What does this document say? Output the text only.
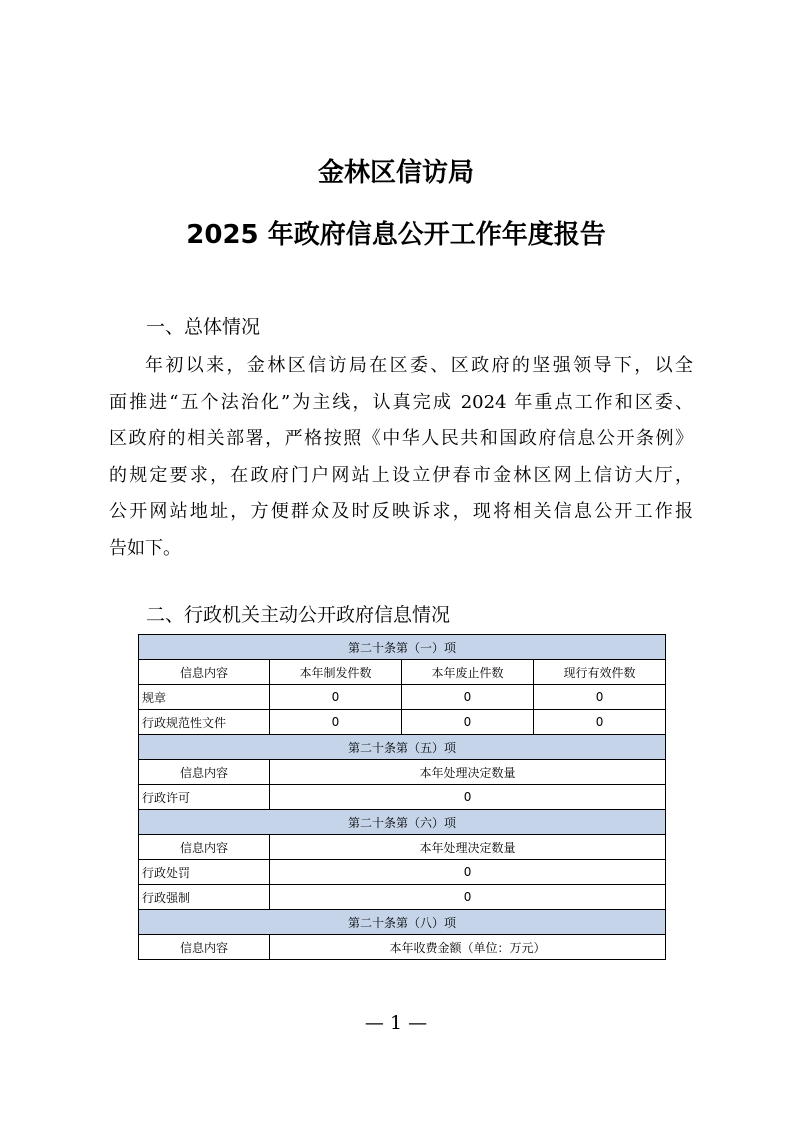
金林区信访局
2025 年政府信息公开工作年度报告
一、总体情况
年初以来，金林区信访局在区委、区政府的坚强领导下，以全
面推进“五个法治化”为主线，认真完成 2024 年重点工作和区委、
区政府的相关部署，严格按照《中华人民共和国政府信息公开条例》
的规定要求，在政府门户网站上设立伊春市金林区网上信访大厅，
公开网站地址，方便群众及时反映诉求，现将相关信息公开工作报
告如下。
二、行政机关主动公开政府信息情况
第二十条第（一）项			
信息内容	本年制发件数	本年废止件数	现行有效件数
规章	0	0	0
行政规范性文件	0	0	0
第二十条第（五）项			
信息内容	本年处理决定数量		
行政许可	0		
第二十条第（六）项			
信息内容	本年处理决定数量		
行政处罚	0		
行政强制	0		
第二十条第（八）项			
信息内容	本年收费金额（单位：万元）		
— 1 —
